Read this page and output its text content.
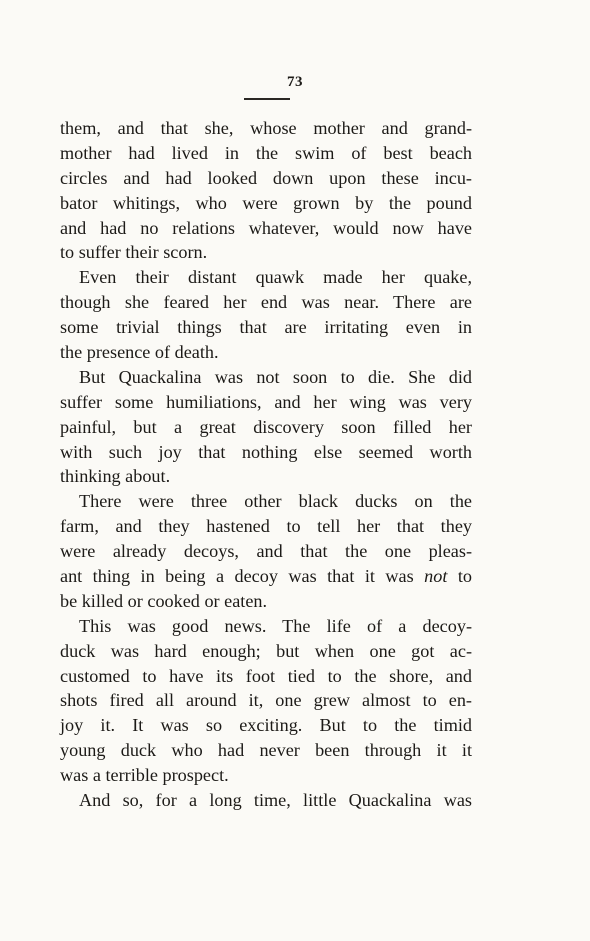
73
them, and that she, whose mother and grand-
mother had lived in the swim of best beach
circles and had looked down upon these incu-
bator whitings, who were grown by the pound
and had no relations whatever, would now have
to suffer their scorn.
Even their distant quawk made her quake,
though she feared her end was near. There are
some trivial things that are irritating even in
the presence of death.
But Quackalina was not soon to die. She did
suffer some humiliations, and her wing was very
painful, but a great discovery soon filled her
with such joy that nothing else seemed worth
thinking about.
There were three other black ducks on the
farm, and they hastened to tell her that they
were already decoys, and that the one pleas-
ant thing in being a decoy was that it was not to
be killed or cooked or eaten.
This was good news. The life of a decoy-
duck was hard enough; but when one got ac-
customed to have its foot tied to the shore, and
shots fired all around it, one grew almost to en-
joy it. It was so exciting. But to the timid
young duck who had never been through it it
was a terrible prospect.
And so, for a long time, little Quackalina was
